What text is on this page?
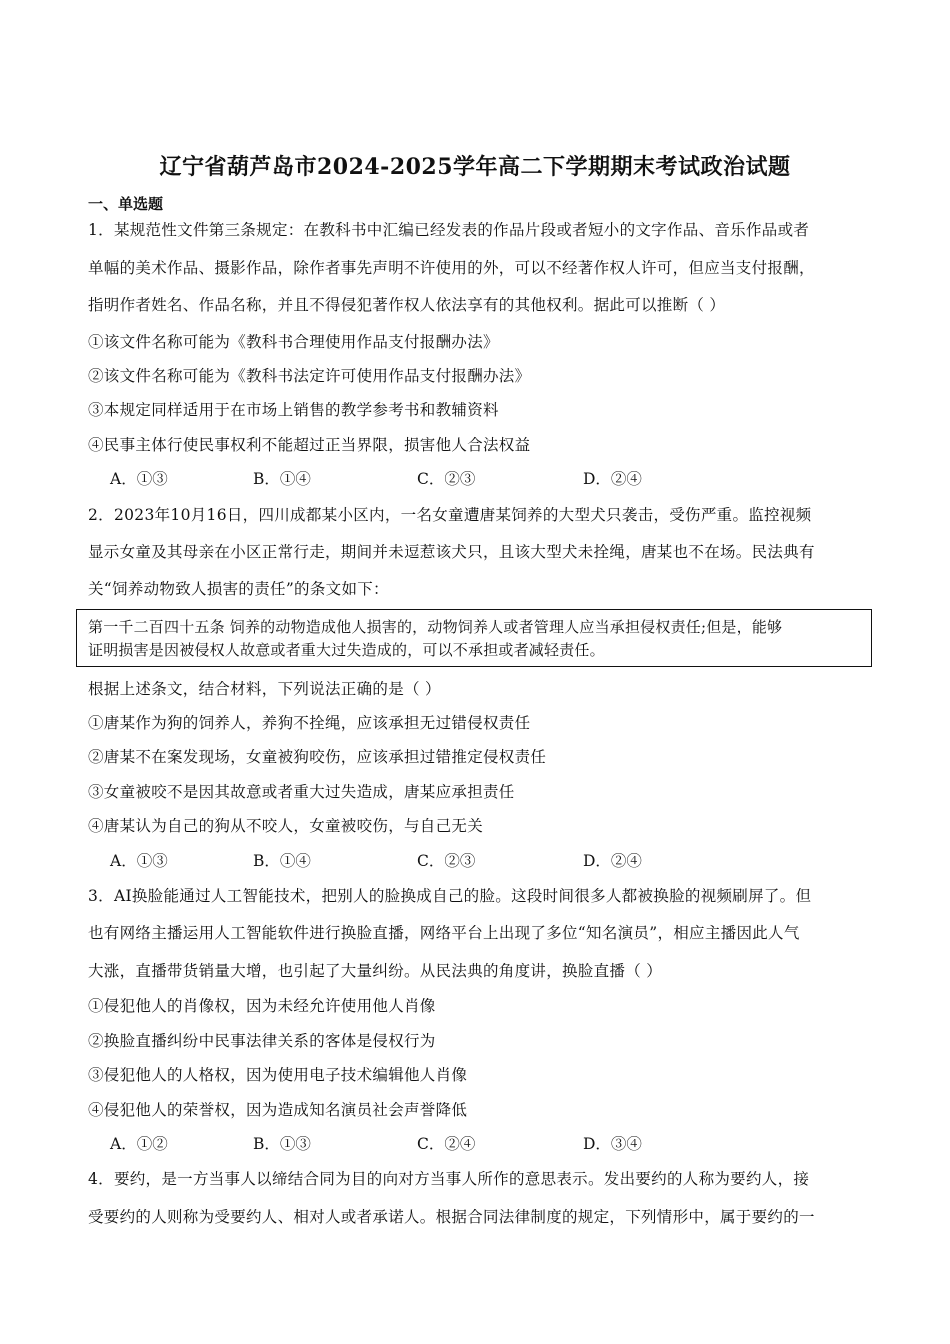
辽宁省葫芦岛市2024-2025学年高二下学期期末考试政治试题
一、单选题
1．某规范性文件第三条规定：在教科书中汇编已经发表的作品片段或者短小的文字作品、音乐作品或者
单幅的美术作品、摄影作品，除作者事先声明不许使用的外，可以不经著作权人许可，但应当支付报酬，
指明作者姓名、作品名称，并且不得侵犯著作权人依法享有的其他权利。据此可以推断（ ）
①该文件名称可能为《教科书合理使用作品支付报酬办法》
②该文件名称可能为《教科书法定许可使用作品支付报酬办法》
③本规定同样适用于在市场上销售的教学参考书和教辅资料
④民事主体行使民事权利不能超过正当界限，损害他人合法权益
A．①③	B．①④	C．②③	D．②④
2．2023年10月16日，四川成都某小区内，一名女童遭唐某饲养的大型犬只袭击，受伤严重。监控视频
显示女童及其母亲在小区正常行走，期间并未逗惹该犬只，且该大型犬未拴绳，唐某也不在场。民法典有
关“饲养动物致人损害的责任”的条文如下：
第一千二百四十五条 饲养的动物造成他人损害的，动物饲养人或者管理人应当承担侵权责任;但是，能够
证明损害是因被侵权人故意或者重大过失造成的，可以不承担或者减轻责任。
根据上述条文，结合材料，下列说法正确的是（ ）
①唐某作为狗的饲养人，养狗不拴绳，应该承担无过错侵权责任
②唐某不在案发现场，女童被狗咬伤，应该承担过错推定侵权责任
③女童被咬不是因其故意或者重大过失造成，唐某应承担责任
④唐某认为自己的狗从不咬人，女童被咬伤，与自己无关
A．①③	B．①④	C．②③	D．②④
3．AI换脸能通过人工智能技术，把别人的脸换成自己的脸。这段时间很多人都被换脸的视频刷屏了。但
也有网络主播运用人工智能软件进行换脸直播，网络平台上出现了多位“知名演员”，相应主播因此人气
大涨，直播带货销量大增，也引起了大量纠纷。从民法典的角度讲，换脸直播（ ）
①侵犯他人的肖像权，因为未经允许使用他人肖像
②换脸直播纠纷中民事法律关系的客体是侵权行为
③侵犯他人的人格权，因为使用电子技术编辑他人肖像
④侵犯他人的荣誉权，因为造成知名演员社会声誉降低
A．①②	B．①③	C．②④	D．③④
4．要约，是一方当事人以缔结合同为目的向对方当事人所作的意思表示。发出要约的人称为要约人，接
受要约的人则称为受要约人、相对人或者承诺人。根据合同法律制度的规定，下列情形中，属于要约的一
